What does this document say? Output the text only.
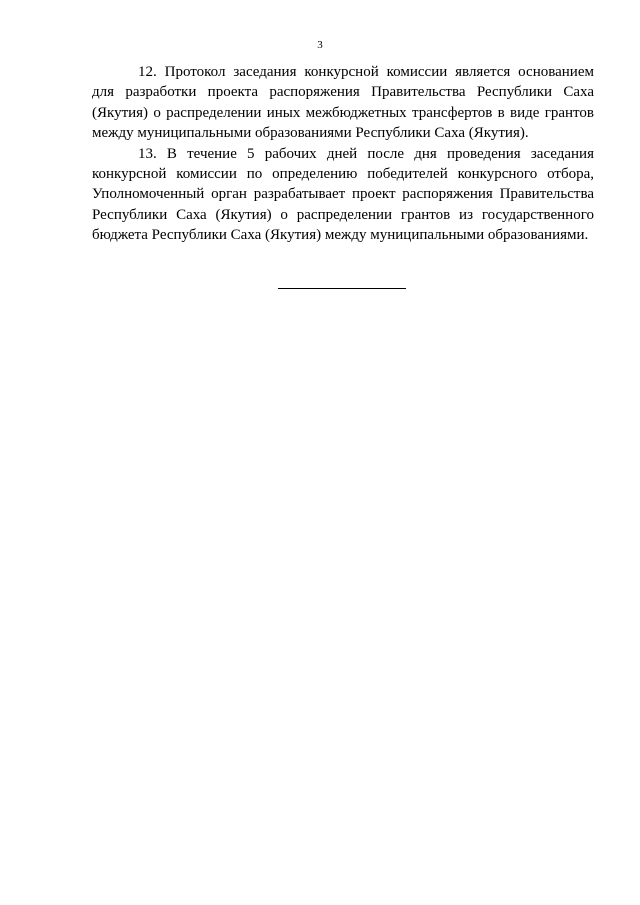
3

12. Протокол заседания конкурсной комиссии является основанием для разработки проекта распоряжения Правительства Республики Саха (Якутия) о распределении иных межбюджетных трансфертов в виде грантов между муниципальными образованиями Республики Саха (Якутия).

13. В течение 5 рабочих дней после дня проведения заседания конкурсной комиссии по определению победителей конкурсного отбора, Уполномоченный орган разрабатывает проект распоряжения Правительства Республики Саха (Якутия) о распределении грантов из государственного бюджета Республики Саха (Якутия) между муниципальными образованиями.
